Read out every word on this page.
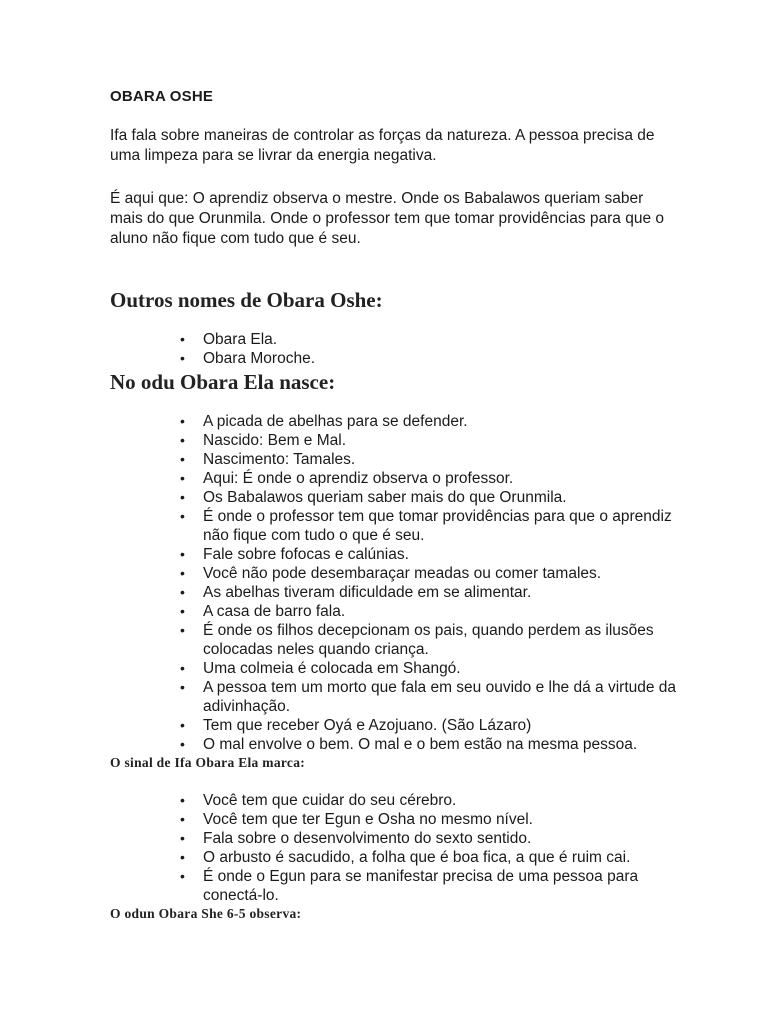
OBARA OSHE

Ifa fala sobre maneiras de controlar as forças da natureza. A pessoa precisa de uma limpeza para se livrar da energia negativa.

É aqui que: O aprendiz observa o mestre. Onde os Babalawos queriam saber mais do que Orunmila. Onde o professor tem que tomar providências para que o aluno não fique com tudo que é seu.

Outros nomes de Obara Oshe:
• Obara Ela.
• Obara Moroche.
No odu Obara Ela nasce:
• A picada de abelhas para se defender.
• Nascido: Bem e Mal.
• Nascimento: Tamales.
• Aqui: É onde o aprendiz observa o professor.
• Os Babalawos queriam saber mais do que Orunmila.
• É onde o professor tem que tomar providências para que o aprendiz não fique com tudo o que é seu.
• Fale sobre fofocas e calúnias.
• Você não pode desembaraçar meadas ou comer tamales.
• As abelhas tiveram dificuldade em se alimentar.
• A casa de barro fala.
• É onde os filhos decepcionam os pais, quando perdem as ilusões colocadas neles quando criança.
• Uma colmeia é colocada em Shangó.
• A pessoa tem um morto que fala em seu ouvido e lhe dá a virtude da adivinhação.
• Tem que receber Oyá e Azojuano. (São Lázaro)
• O mal envolve o bem. O mal e o bem estão na mesma pessoa.
O sinal de Ifa Obara Ela marca:
• Você tem que cuidar do seu cérebro.
• Você tem que ter Egun e Osha no mesmo nível.
• Fala sobre o desenvolvimento do sexto sentido.
• O arbusto é sacudido, a folha que é boa fica, a que é ruim cai.
• É onde o Egun para se manifestar precisa de uma pessoa para conectá-lo.
O odun Obara She 6-5 observa:
